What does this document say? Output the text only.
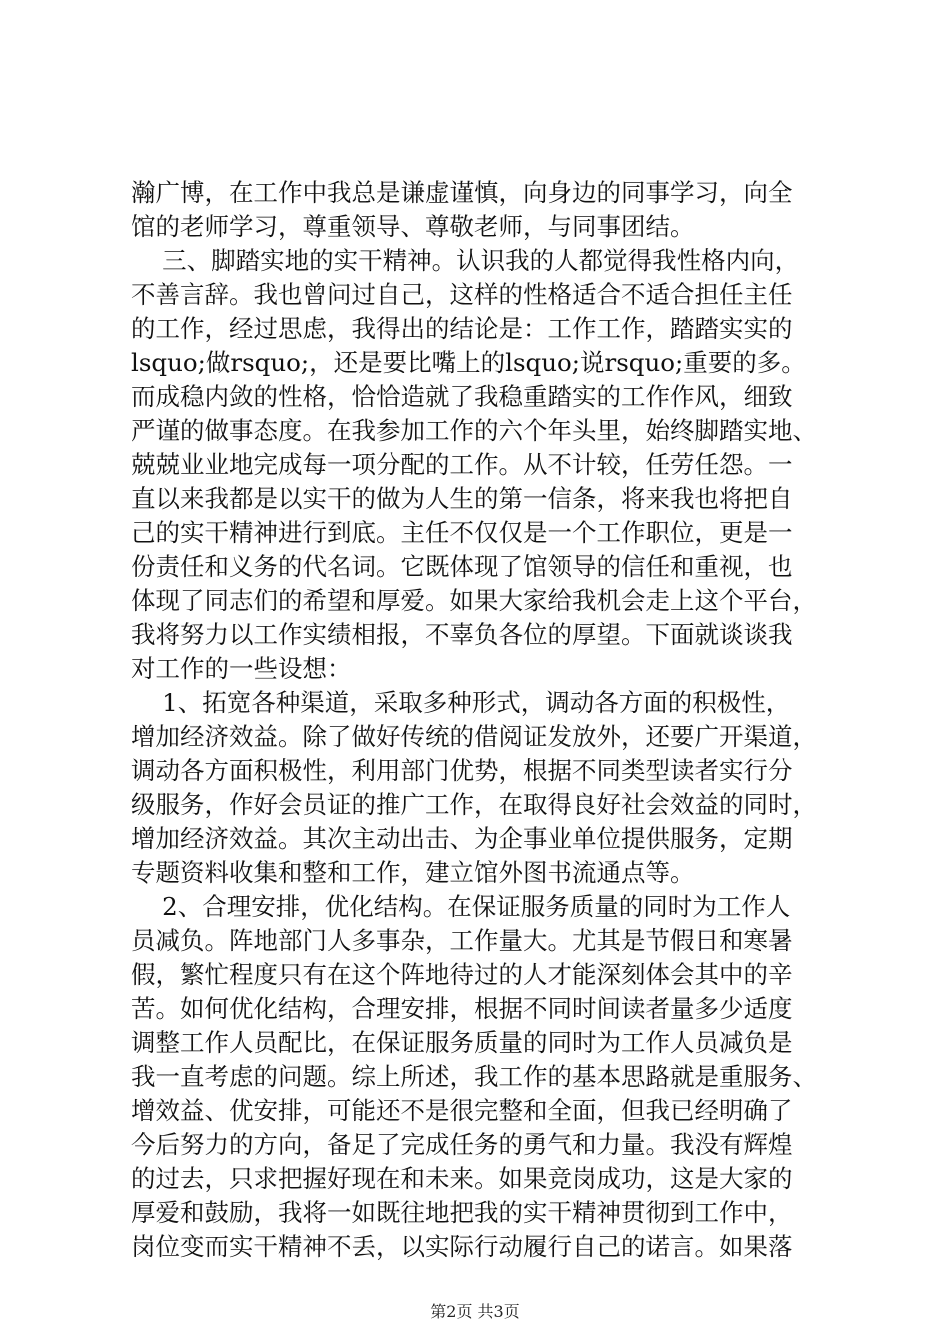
瀚广博，在工作中我总是谦虚谨慎，向身边的同事学习，向全
馆的老师学习，尊重领导、尊敬老师，与同事团结。
三、脚踏实地的实干精神。认识我的人都觉得我性格内向，
不善言辞。我也曾问过自己，这样的性格适合不适合担任主任
的工作，经过思虑，我得出的结论是：工作工作，踏踏实实的
lsquo;做rsquo;，还是要比嘴上的lsquo;说rsquo;重要的多。
而成稳内敛的性格，恰恰造就了我稳重踏实的工作作风，细致
严谨的做事态度。在我参加工作的六个年头里，始终脚踏实地、
兢兢业业地完成每一项分配的工作。从不计较，任劳任怨。一
直以来我都是以实干的做为人生的第一信条，将来我也将把自
己的实干精神进行到底。主任不仅仅是一个工作职位，更是一
份责任和义务的代名词。它既体现了馆领导的信任和重视，也
体现了同志们的希望和厚爱。如果大家给我机会走上这个平台，
我将努力以工作实绩相报，不辜负各位的厚望。下面就谈谈我
对工作的一些设想：
1、拓宽各种渠道，采取多种形式，调动各方面的积极性，
增加经济效益。除了做好传统的借阅证发放外，还要广开渠道，
调动各方面积极性，利用部门优势，根据不同类型读者实行分
级服务，作好会员证的推广工作，在取得良好社会效益的同时，
增加经济效益。其次主动出击、为企事业单位提供服务，定期
专题资料收集和整和工作，建立馆外图书流通点等。
2、合理安排，优化结构。在保证服务质量的同时为工作人
员减负。阵地部门人多事杂，工作量大。尤其是节假日和寒暑
假，繁忙程度只有在这个阵地待过的人才能深刻体会其中的辛
苦。如何优化结构，合理安排，根据不同时间读者量多少适度
调整工作人员配比，在保证服务质量的同时为工作人员减负是
我一直考虑的问题。综上所述，我工作的基本思路就是重服务、
增效益、优安排，可能还不是很完整和全面，但我已经明确了
今后努力的方向，备足了完成任务的勇气和力量。我没有辉煌
的过去，只求把握好现在和未来。如果竞岗成功，这是大家的
厚爱和鼓励，我将一如既往地把我的实干精神贯彻到工作中，
岗位变而实干精神不丢，以实际行动履行自己的诺言。如果落
第2页 共3页
